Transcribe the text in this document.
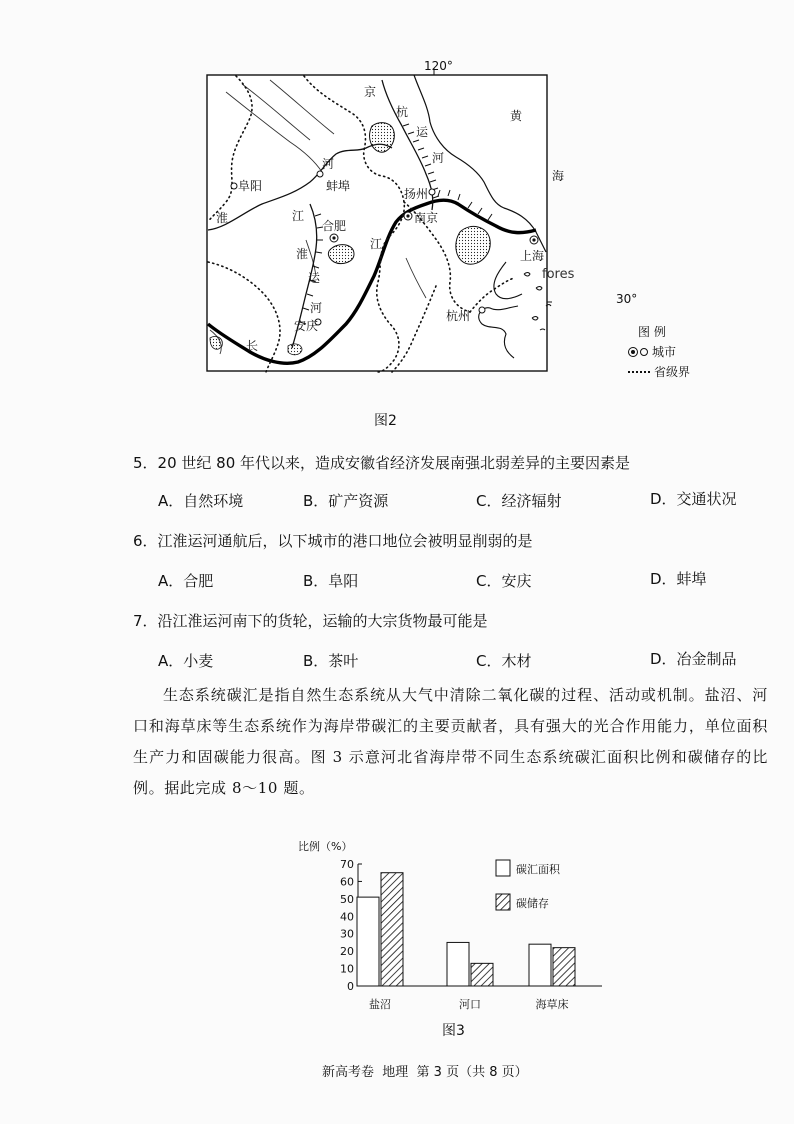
120°
黄
海
京
杭
运
河
淮
河
江
淮
运
河
长
江
阜阳	蚌埠
合肥
安庆
南京
扬州
上海
杭州
fores
30°
图 例
城市
省级界
图2
5．20 世纪 80 年代以来，造成安徽省经济发展南强北弱差异的主要因素是
A．自然环境	B．矿产资源	C．经济辐射	D．交通状况
6．江淮运河通航后，以下城市的港口地位会被明显削弱的是
A．合肥	B．阜阳	C．安庆	D．蚌埠
7．沿江淮运河南下的货轮，运输的大宗货物最可能是
A．小麦	B．茶叶	C．木材	D．冶金制品

生态系统碳汇是指自然生态系统从大气中清除二氧化碳的过程、活动或机制。盐沼、河口和海草床等生态系统作为海岸带碳汇的主要贡献者，具有强大的光合作用能力，单位面积生产力和固碳能力很高。图 3 示意河北省海岸带不同生态系统碳汇面积比例和碳储存的比例。据此完成 8～10 题。

比例（%）
0
10
20
30
40
50
60
70
盐沼	河口	海草床
碳汇面积
碳储存
图3
新高考卷  地理  第 3 页（共 8 页）
